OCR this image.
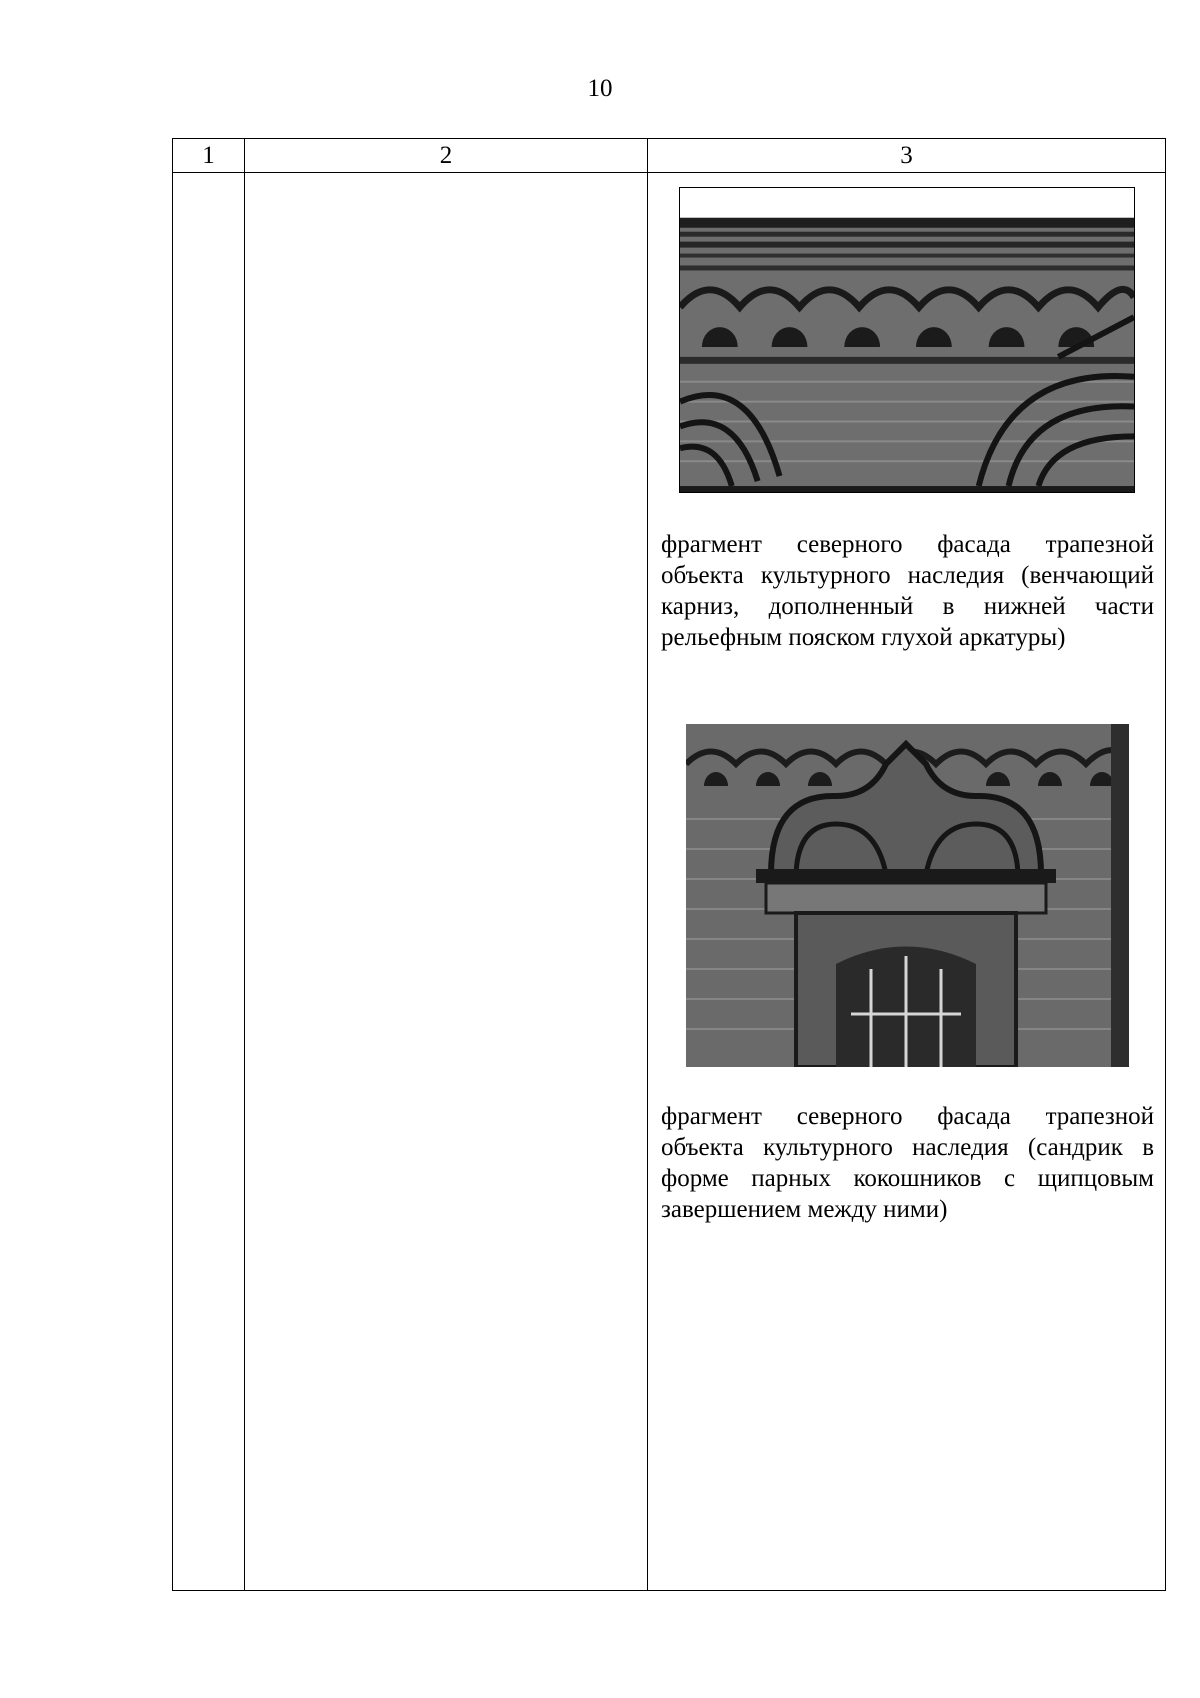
10
1	2	3

		фрагмент северного фасада трапезной объекта культурного наследия (венчающий карниз, дополненный в нижней части рельефным пояском глухой аркатуры)

фрагмент северного фасада трапезной объекта культурного наследия (сандрик в форме парных кокошников с щипцовым завершением между ними)
